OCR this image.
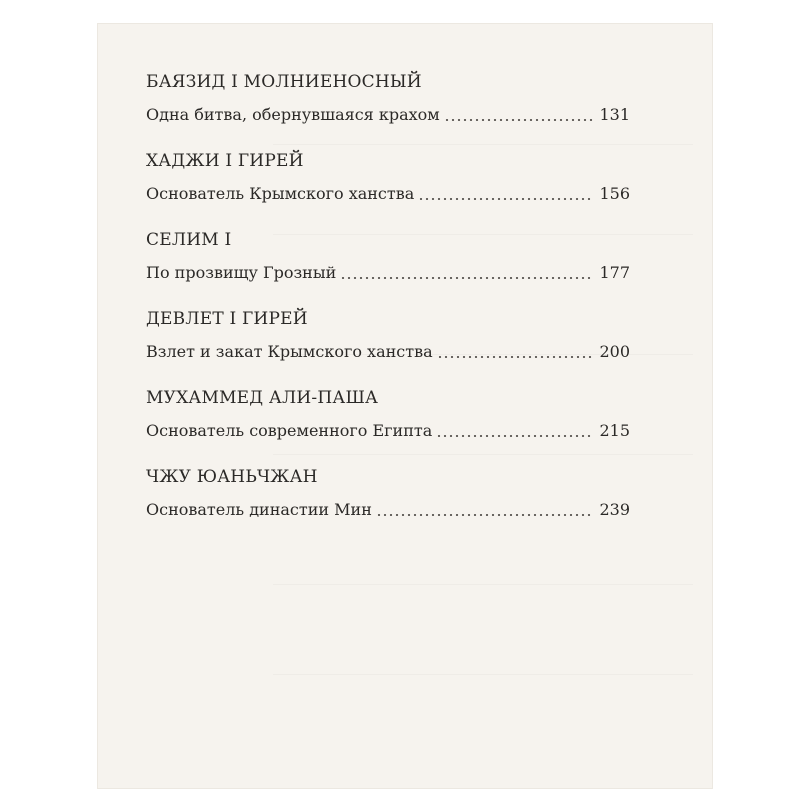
БАЯЗИД I МОЛНИЕНОСНЫЙ
Одна битва, обернувшаяся крахом	131
ХАДЖИ I ГИРЕЙ
Основатель Крымского ханства	156
СЕЛИМ I
По прозвищу Грозный	177
ДЕВЛЕТ I ГИРЕЙ
Взлет и закат Крымского ханства	200
МУХАММЕД АЛИ-ПАША
Основатель современного Египта	215
ЧЖУ ЮАНЬЧЖАН
Основатель династии Мин	239
